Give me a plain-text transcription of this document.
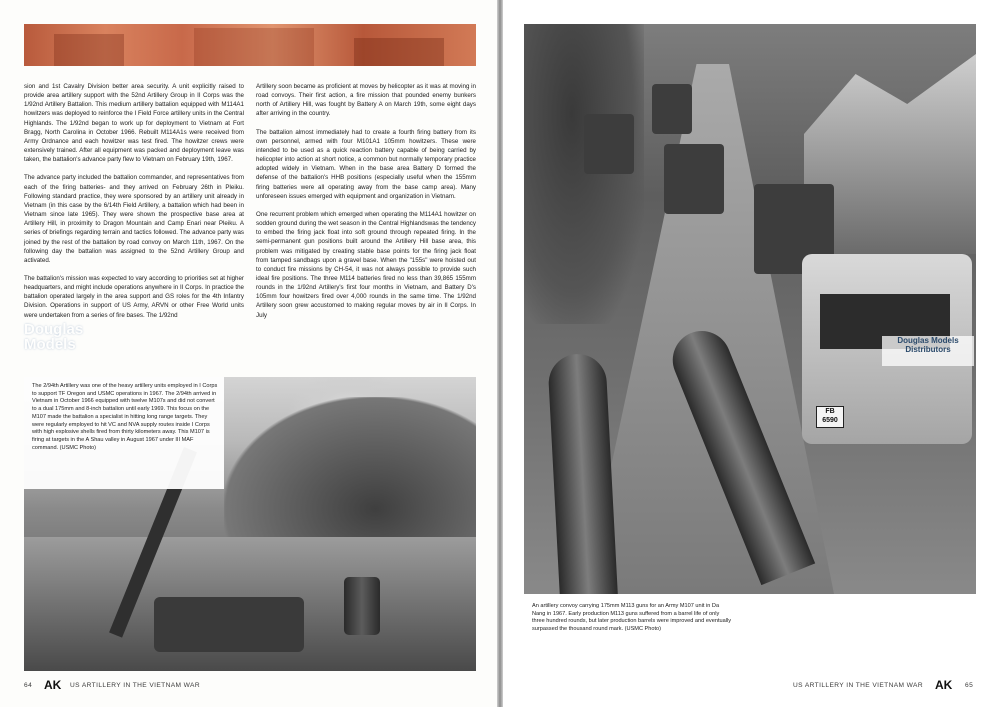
sion and 1st Cavalry Division better area security. A unit explicitly raised to provide area artillery support with the 52nd Artillery Group in II Corps was the 1/92nd Artillery Battalion. This medium artillery battalion equipped with M114A1 howitzers was deployed to reinforce the I Field Force artillery units in the Central Highlands. The 1/92nd began to work up for deployment to Vietnam at Fort Bragg, North Carolina in October 1966. Rebuilt M114A1s were received from Army Ordnance and each howitzer was test fired. The howitzer crews were extensively trained. After all equipment was packed and deployment leave was taken, the battalion's advance party flew to Vietnam on February 19th, 1967.

The advance party included the battalion commander, and representatives from each of the firing batteries- and they arrived on February 26th in Pleiku. Following standard practice, they were sponsored by an artillery unit already in Vietnam (in this case by the 6/14th Field Artillery, a battalion which had been in Vietnam since late 1965). They were shown the prospective base area at Artillery Hill, in proximity to Dragon Mountain and Camp Enari near Pleiku. A series of briefings regarding terrain and tactics followed. The advance party was joined by the rest of the battalion by road convoy on March 11th, 1967. On the following day the battalion was assigned to the 52nd Artillery Group and activated.

The battalion's mission was expected to vary according to priorities set at higher headquarters, and might include operations anywhere in II Corps. In practice the battalion operated largely in the area support and GS roles for the 4th Infantry Division. Operations in support of US Army, ARVN or other Free World units were undertaken from a series of fire bases. The 1/92nd

Artillery soon became as proficient at moves by helicopter as it was at moving in road convoys. Their first action, a fire mission that pounded enemy bunkers north of Artillery Hill, was fought by Battery A on March 19th, some eight days after arriving in the country.

The battalion almost immediately had to create a fourth firing battery from its own personnel, armed with four M101A1 105mm howitzers. These were intended to be used as a quick reaction battery capable of being carried by helicopter into action at short notice, a common but normally temporary practice adopted widely in Vietnam. When in the base area Battery D formed the defense of the battalion's HHB positions (especially useful when the 155mm firing batteries were all operating away from the base camp area). Many unforeseen issues emerged with equipment and organization in Vietnam.

One recurrent problem which emerged when operating the M114A1 howitzer on sodden ground during the wet season in the Central Highlandswas the tendency to embed the firing jack float into soft ground through repeated firing. In the semi-permanent gun positions built around the Artillery Hill base area, this problem was mitigated by creating stable base points for the firing jack float from tamped sandbags upon a gravel base. When the "155s" were hoisted out to conduct fire missions by CH-54, it was not always possible to provide such ideal fire positions. The three M114 batteries fired no less than 39,865 155mm rounds in the 1/92nd Artillery's first four months in Vietnam, and Battery D's 105mm four howitzers fired over 4,000 rounds in the same time. The 1/92nd Artillery soon grew accustomed to making regular moves by air in II Corps. In July

Douglas Models

The 2/94th Artillery was one of the heavy artillery units employed in I Corps to support TF Oregon and USMC operations in 1967. The 2/94th arrived in Vietnam in October 1966 equipped with twelve M107s and did not convert to a dual 175mm and 8-inch battalion until early 1969. This focus on the M107 made the battalion a specialist in hitting long range targets. They were regularly employed to hit VC and NVA supply routes inside I Corps with high explosive shells fired from thirty kilometers away. This M107 is firing at targets in the A Shau valley in August 1967 under III MAF command. (USMC Photo)

64 AK US ARTILLERY IN THE VIETNAM WAR
FB 6590
Douglas Models Distributors
An artillery convoy carrying 175mm M113 guns for an Army M107 unit in Da Nang in 1967. Early production M113 guns suffered from a barrel life of only three hundred rounds, but later production barrels were improved and eventually surpassed the thousand round mark. (USMC Photo)
US ARTILLERY IN THE VIETNAM WAR AK 65
